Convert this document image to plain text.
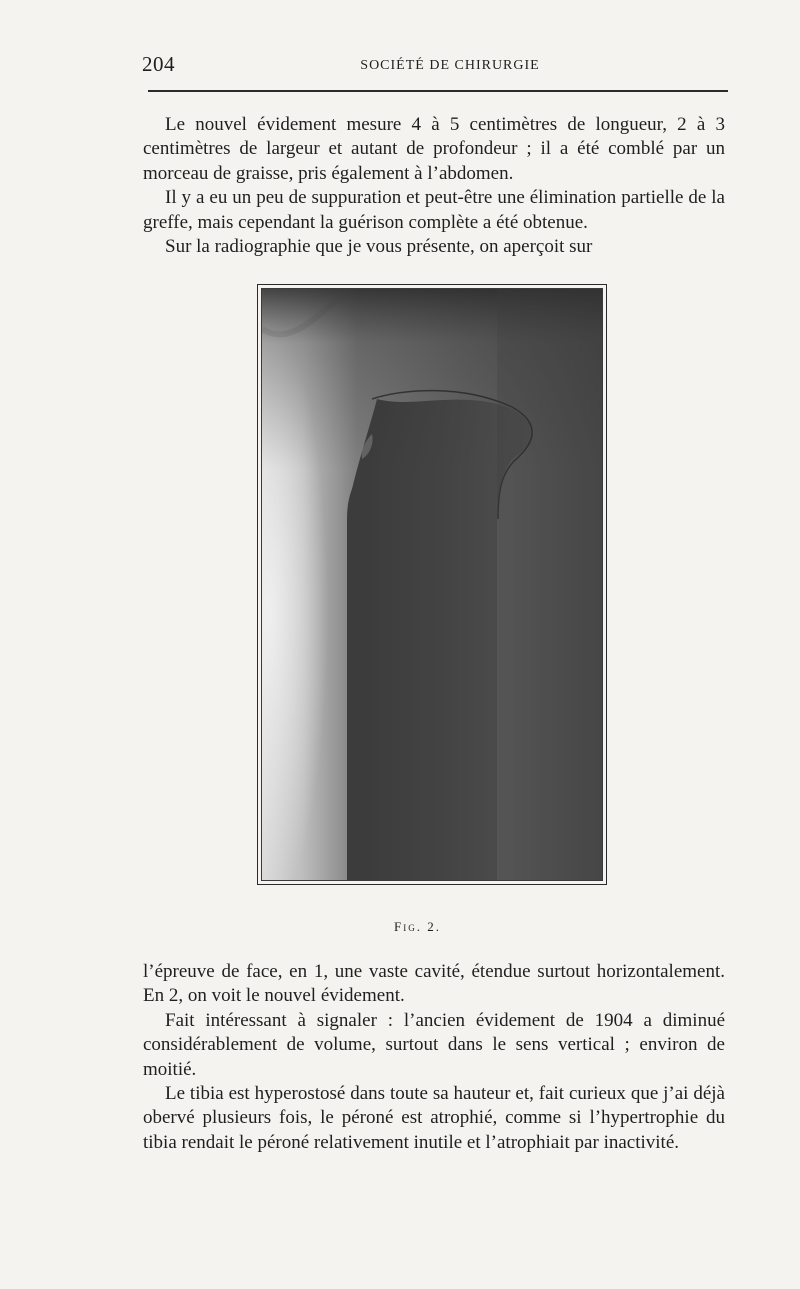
204	SOCIÉTÉ DE CHIRURGIE

Le nouvel évidement mesure 4 à 5 centimètres de longueur, 2 à 3 centimètres de largeur et autant de profondeur ; il a été comblé par un morceau de graisse, pris également à l’abdomen.

Il y a eu un peu de suppuration et peut-être une élimination partielle de la greffe, mais cependant la guérison complète a été obtenue.

Sur la radiographie que je vous présente, on aperçoit sur

Fig. 2.

l’épreuve de face, en 1, une vaste cavité, étendue surtout horizontalement. En 2, on voit le nouvel évidement.

Fait intéressant à signaler : l’ancien évidement de 1904 a diminué considérablement de volume, surtout dans le sens vertical ; environ de moitié.

Le tibia est hyperostosé dans toute sa hauteur et, fait curieux que j’ai déjà obervé plusieurs fois, le péroné est atrophié, comme si l’hypertrophie du tibia rendait le péroné relativement inutile et l’atrophiait par inactivité.
